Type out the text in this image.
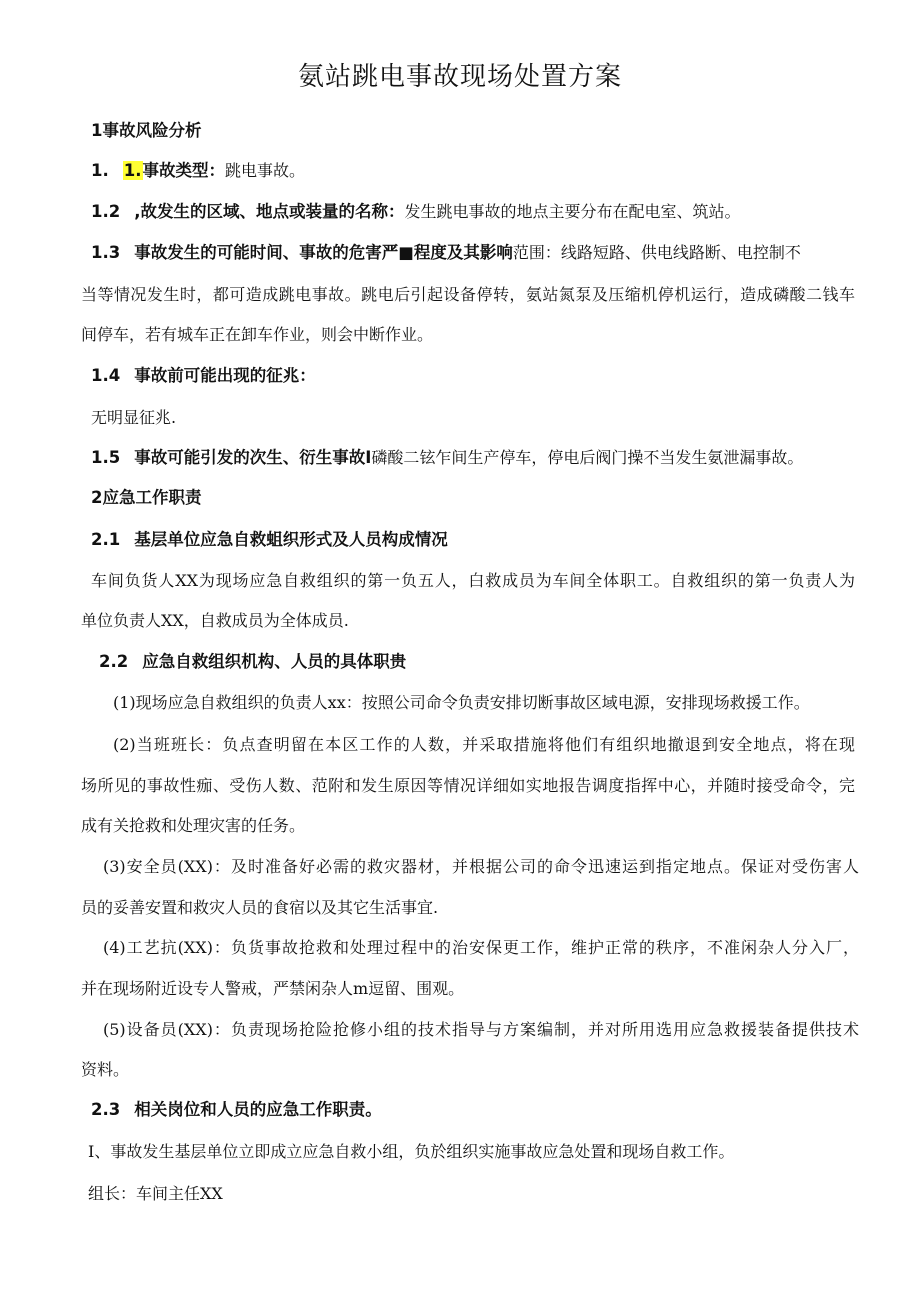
氨站跳电事故现场处置方案
1事故风险分析
1. 1.事故类型：跳电事故。
1.2 ,故发生的区域、地点或装量的名称：发生跳电事故的地点主要分布在配电室、筑站。
1.3 事故发生的可能时间、事故的危害严■程度及其影响范围：线路短路、供电线路断、电控制不
当等情况发生时，都可造成跳电事故。跳电后引起设备停转，氨站氮泵及压缩机停机运行，造成磷酸二钱车
间停车，若有城车正在卸车作业，则会中断作业。
1.4 事故前可能出现的征兆：
无明显征兆.
1.5 事故可能引发的次生、衍生事故I磷酸二铉乍间生产停车，停电后阀门操不当发生氨泄漏事故。
2应急工作职责
2.1 基层单位应急自救蛆织形式及人员构成情况
车间负货人XX为现场应急自救组织的第一负五人，白救成员为车间全体职工。自救组织的第一负责人为
单位负责人XX，自救成员为全体成员.
2.2 应急自救组织机构、人员的具体职贵
(1)现场应急自救组织的负责人xx：按照公司命令负责安排切断事故区域电源，安排现场救援工作。
(2)当班班长：负点查明留在本区工作的人数，并采取措施将他们有组织地撤退到安全地点，将在现
场所见的事故性痂、受伤人数、范附和发生原因等情况详细如实地报告调度指挥中心，并随时接受命令，完
成有关抢救和处理灾害的任务。
(3)安全员(XX)：及时准备好必需的救灾器材，并根据公司的命令迅速运到指定地点。保证对受伤害人
员的妥善安置和救灾人员的食宿以及其它生活事宜.
(4)工艺抗(XX)：负货事故抢救和处理过程中的治安保更工作，维护正常的秩序，不准闲杂人分入厂，
并在现场附近设专人警戒，严禁闲杂人m逗留、围观。
(5)设备员(XX)：负责现场抢险抢修小组的技术指导与方案编制，并对所用选用应急救援装备提供技术
资料。
2.3 相关岗位和人员的应急工作职责。
I、事故发生基层单位立即成立应急自救小组，负於组织实施事故应急处置和现场自救工作。
组长：车间主任XX
